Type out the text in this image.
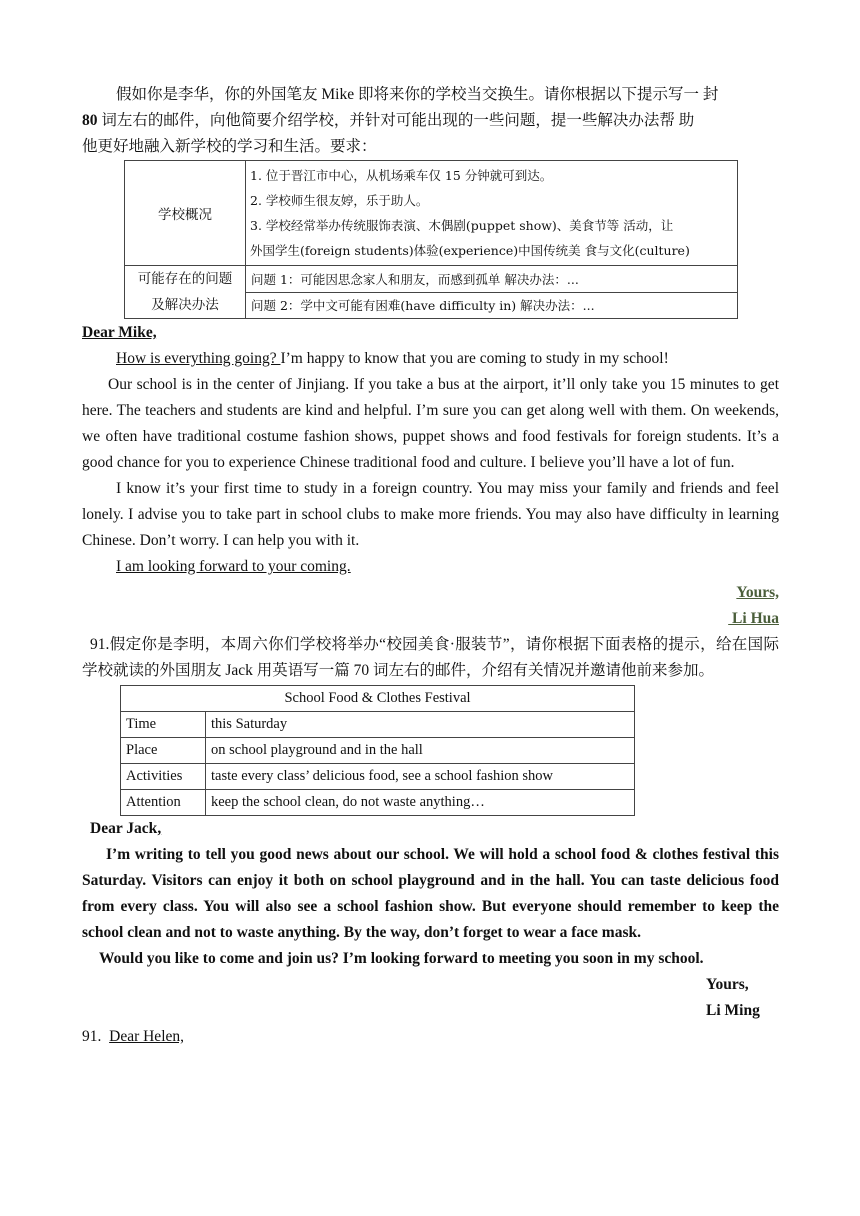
假如你是李华，你的外国笔友 Mike 即将来你的学校当交换生。请你根据以下提示写一 封

80 词左右的邮件，向他简要介绍学校，并针对可能出现的一些问题，提一些解决办法帮 助

他更好地融入新学校的学习和生活。要求：

学校概况	1. 位于晋江市中心，从机场乘车仅 15 分钟就可到达。
2. 学校师生很友婷，乐于助人。
3. 学校经常举办传统服饰表演、木偶剧(puppet show)、美食节等 活动，让
外国学生(foreign students)体验(experience)中国传统美 食与文化(culture)

可能存在的问题
及解决办法	问题 1：可能因思念家人和朋友，而感到孤单 解决办法：...
	问题 2：学中文可能有困难(have difficulty in) 解决办法：...

Dear Mike,

How is everything going? I’m happy to know that you are coming to study in my school!

Our school is in the center of Jinjiang. If you take a bus at the airport, it’ll only take you 15 minutes to get here. The teachers and students are kind and helpful. I’m sure you can get along well with them. On weekends, we often have traditional costume fashion shows, puppet shows and food festivals for foreign students. It’s a good chance for you to experience Chinese traditional food and culture. I believe you’ll have a lot of fun.

I know it’s your first time to study in a foreign country. You may miss your family and friends and feel lonely. I advise you to take part in school clubs to make more friends. You may also have difficulty in learning Chinese. Don’t worry. I can help you with it.

I am looking forward to your coming.

Yours,

Li Hua

91.假定你是李明，本周六你们学校将举办“校园美食·服装节”，请你根据下面表格的提示，给在国际学校就读的外国朋友 Jack 用英语写一篇 70 词左右的邮件，介绍有关情况并邀请他前来参加。

School Food & Clothes Festival	
Time	this Saturday
Place	on school playground and in the hall
Activities	taste every class’ delicious food, see a school fashion show
Attention	keep the school clean, do not waste anything…

Dear Jack,

I’m writing to tell you good news about our school. We will hold a school food & clothes festival this Saturday. Visitors can enjoy it both on school playground and in the hall. You can taste delicious food from every class. You will also see a school fashion show. But everyone should remember to keep the school clean and not to waste anything. By the way, don’t forget to wear a face mask.

Would you like to come and join us? I’m looking forward to meeting you soon in my school.

Yours,

Li Ming

91.  Dear Helen,
